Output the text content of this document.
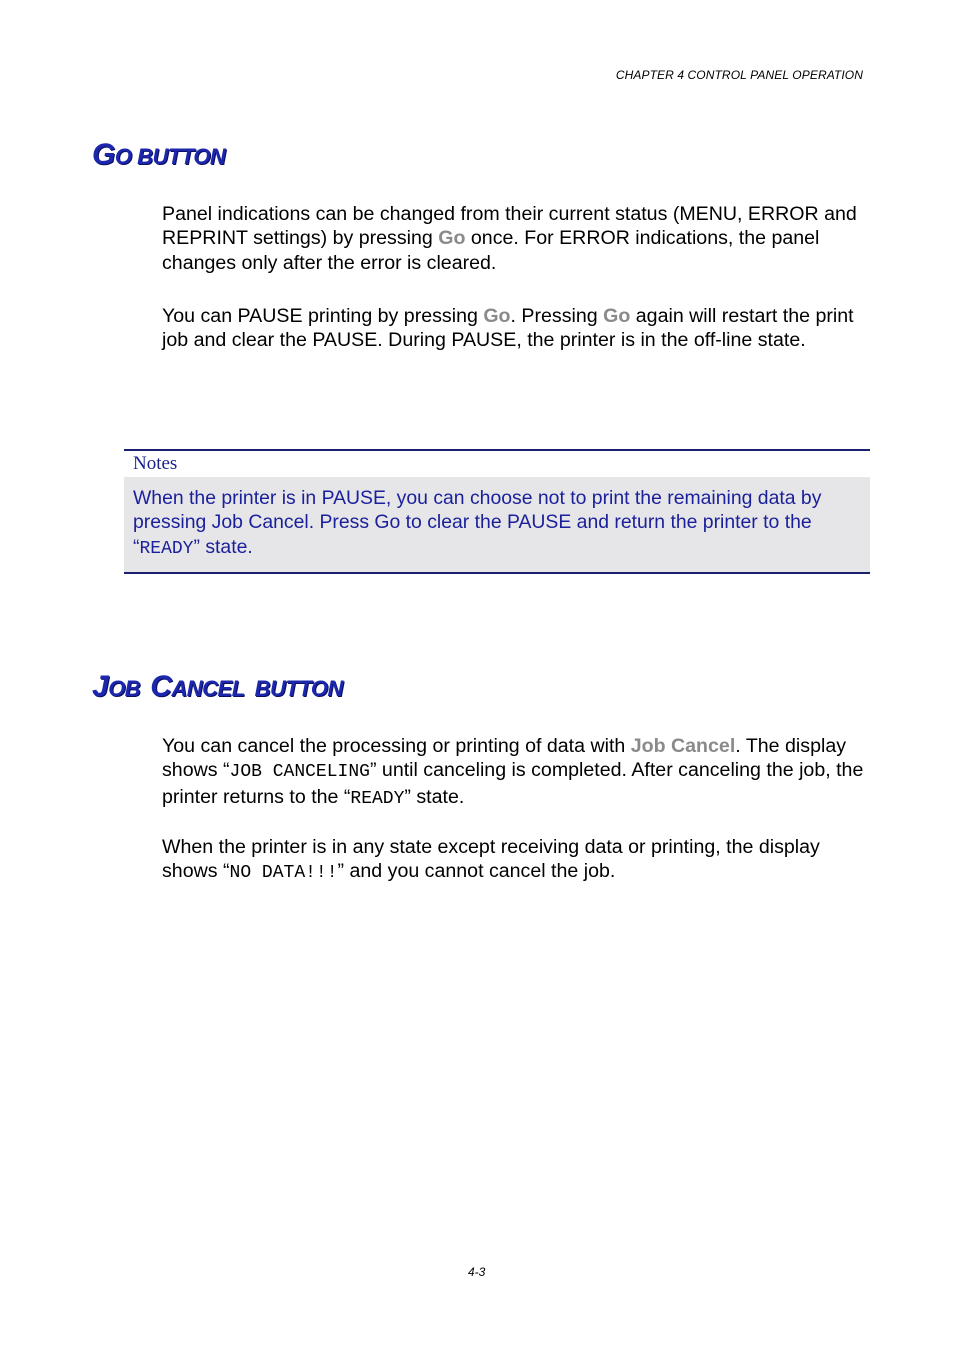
CHAPTER 4 CONTROL PANEL OPERATION
GO BUTTON

Panel indications can be changed from their current status (MENU, ERROR and REPRINT settings) by pressing Go once. For ERROR indications, the panel changes only after the error is cleared.

You can PAUSE printing by pressing Go. Pressing Go again will restart the print job and clear the PAUSE. During PAUSE, the printer is in the off-line state.

Notes
When the printer is in PAUSE, you can choose not to print the remaining data by pressing Job Cancel. Press Go to clear the PAUSE and return the printer to the “READY” state.
JOB CANCEL BUTTON

You can cancel the processing or printing of data with Job Cancel. The display shows “JOB CANCELING” until canceling is completed. After canceling the job, the printer returns to the “READY” state.

When the printer is in any state except receiving data or printing, the display shows “NO DATA!!!” and you cannot cancel the job.

4-3
